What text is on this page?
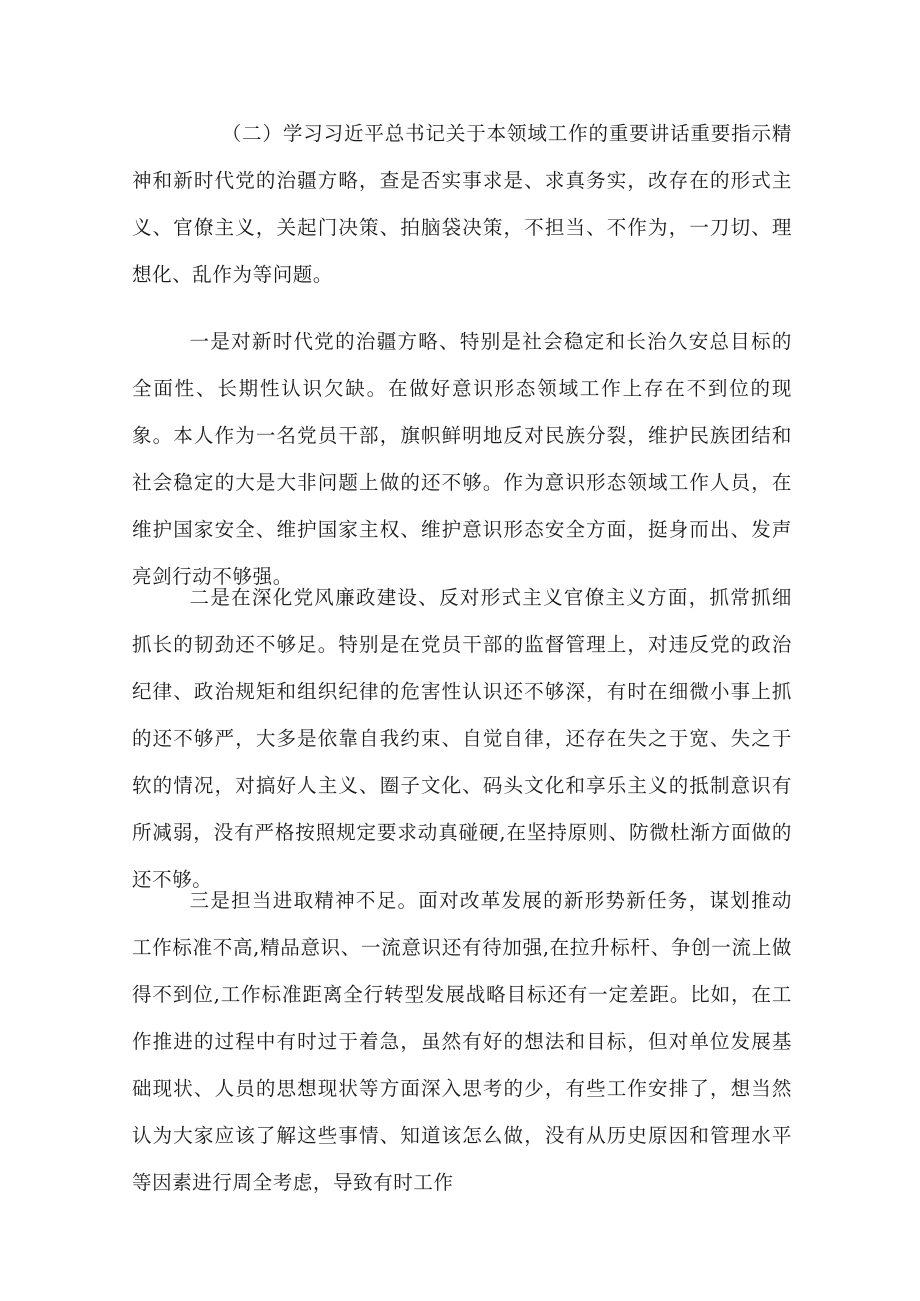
（二）学习习近平总书记关于本领域工作的重要讲话重要指示精神和新时代党的治疆方略，查是否实事求是、求真务实，改存在的形式主义、官僚主义，关起门决策、拍脑袋决策，不担当、不作为，一刀切、理想化、乱作为等问题。

一是对新时代党的治疆方略、特别是社会稳定和长治久安总目标的全面性、长期性认识欠缺。在做好意识形态领域工作上存在不到位的现象。本人作为一名党员干部，旗帜鲜明地反对民族分裂，维护民族团结和社会稳定的大是大非问题上做的还不够。作为意识形态领域工作人员，在维护国家安全、维护国家主权、维护意识形态安全方面，挺身而出、发声亮剑行动不够强。

二是在深化党风廉政建设、反对形式主义官僚主义方面，抓常抓细抓长的韧劲还不够足。特别是在党员干部的监督管理上，对违反党的政治纪律、政治规矩和组织纪律的危害性认识还不够深，有时在细微小事上抓的还不够严，大多是依靠自我约束、自觉自律，还存在失之于宽、失之于软的情况，对搞好人主义、圈子文化、码头文化和享乐主义的抵制意识有所减弱，没有严格按照规定要求动真碰硬,在坚持原则、防微杜渐方面做的还不够。

三是担当进取精神不足。面对改革发展的新形势新任务，谋划推动工作标准不高,精品意识、一流意识还有待加强,在拉升标杆、争创一流上做得不到位,工作标准距离全行转型发展战略目标还有一定差距。比如，在工作推进的过程中有时过于着急，虽然有好的想法和目标，但对单位发展基础现状、人员的思想现状等方面深入思考的少，有些工作安排了，想当然认为大家应该了解这些事情、知道该怎么做，没有从历史原因和管理水平等因素进行周全考虑，导致有时工作
